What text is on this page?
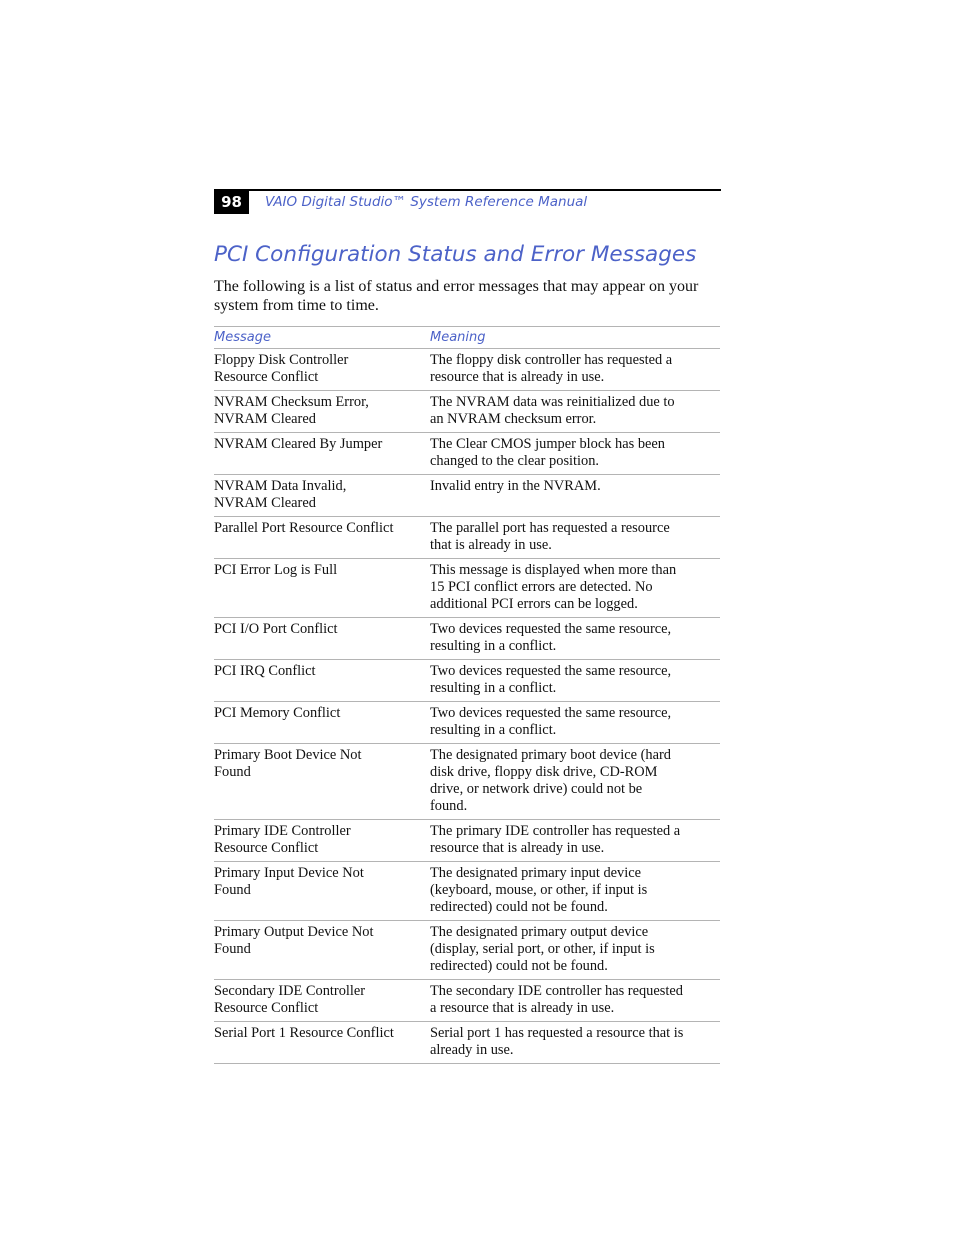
98	VAIO Digital Studio™ System Reference Manual
PCI Configuration Status and Error Messages

The following is a list of status and error messages that may appear on your system from time to time.

Message	Meaning

Floppy Disk Controller
Resource Conflict	The floppy disk controller has requested a
resource that is already in use.

NVRAM Checksum Error,
NVRAM Cleared	The NVRAM data was reinitialized due to
an NVRAM checksum error.

NVRAM Cleared By Jumper	The Clear CMOS jumper block has been
changed to the clear position.

NVRAM Data Invalid,
NVRAM Cleared	Invalid entry in the NVRAM.

Parallel Port Resource Conflict	The parallel port has requested a resource
that is already in use.

PCI Error Log is Full	This message is displayed when more than
15 PCI conflict errors are detected. No
additional PCI errors can be logged.

PCI I/O Port Conflict	Two devices requested the same resource,
resulting in a conflict.

PCI IRQ Conflict	Two devices requested the same resource,
resulting in a conflict.

PCI Memory Conflict	Two devices requested the same resource,
resulting in a conflict.

Primary Boot Device Not
Found	The designated primary boot device (hard
disk drive, floppy disk drive, CD-ROM
drive, or network drive) could not be
found.

Primary IDE Controller
Resource Conflict	The primary IDE controller has requested a
resource that is already in use.

Primary Input Device Not
Found	The designated primary input device
(keyboard, mouse, or other, if input is
redirected) could not be found.

Primary Output Device Not
Found	The designated primary output device
(display, serial port, or other, if input is
redirected) could not be found.

Secondary IDE Controller
Resource Conflict	The secondary IDE controller has requested
a resource that is already in use.

Serial Port 1 Resource Conflict	Serial port 1 has requested a resource that is
already in use.
